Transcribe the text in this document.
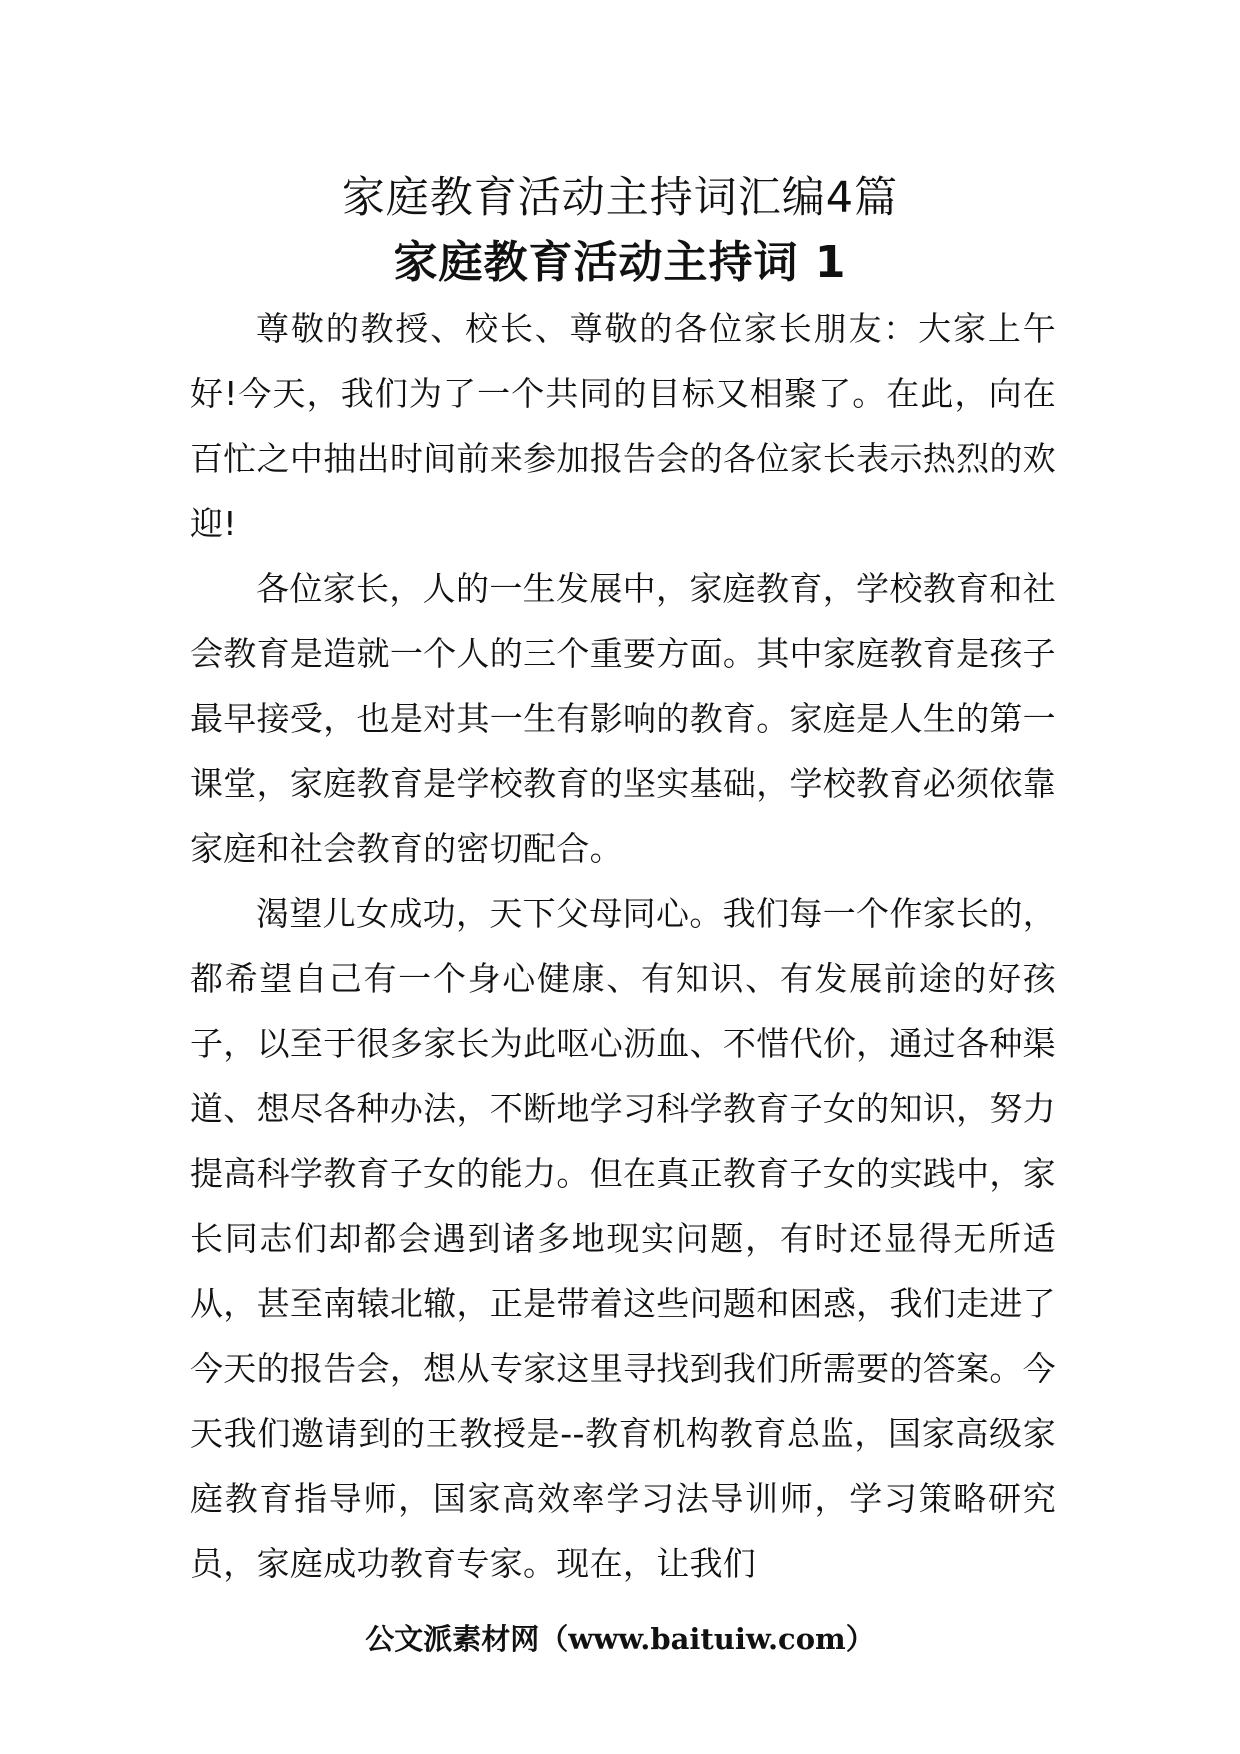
家庭教育活动主持词汇编4篇
家庭教育活动主持词 1

尊敬的教授、校长、尊敬的各位家长朋友：大家上午好!今天，我们为了一个共同的目标又相聚了。在此，向在百忙之中抽出时间前来参加报告会的各位家长表示热烈的欢迎!

各位家长，人的一生发展中，家庭教育，学校教育和社会教育是造就一个人的三个重要方面。其中家庭教育是孩子最早接受，也是对其一生有影响的教育。家庭是人生的第一课堂，家庭教育是学校教育的坚实基础，学校教育必须依靠家庭和社会教育的密切配合。

渴望儿女成功，天下父母同心。我们每一个作家长的，都希望自己有一个身心健康、有知识、有发展前途的好孩子，以至于很多家长为此呕心沥血、不惜代价，通过各种渠道、想尽各种办法，不断地学习科学教育子女的知识，努力提高科学教育子女的能力。但在真正教育子女的实践中，家长同志们却都会遇到诸多地现实问题，有时还显得无所适从，甚至南辕北辙，正是带着这些问题和困惑，我们走进了今天的报告会，想从专家这里寻找到我们所需要的答案。今天我们邀请到的王教授是--教育机构教育总监，国家高级家庭教育指导师，国家高效率学习法导训师，学习策略研究员，家庭成功教育专家。现在，让我们

公文派素材网（www.baituiw.com）
